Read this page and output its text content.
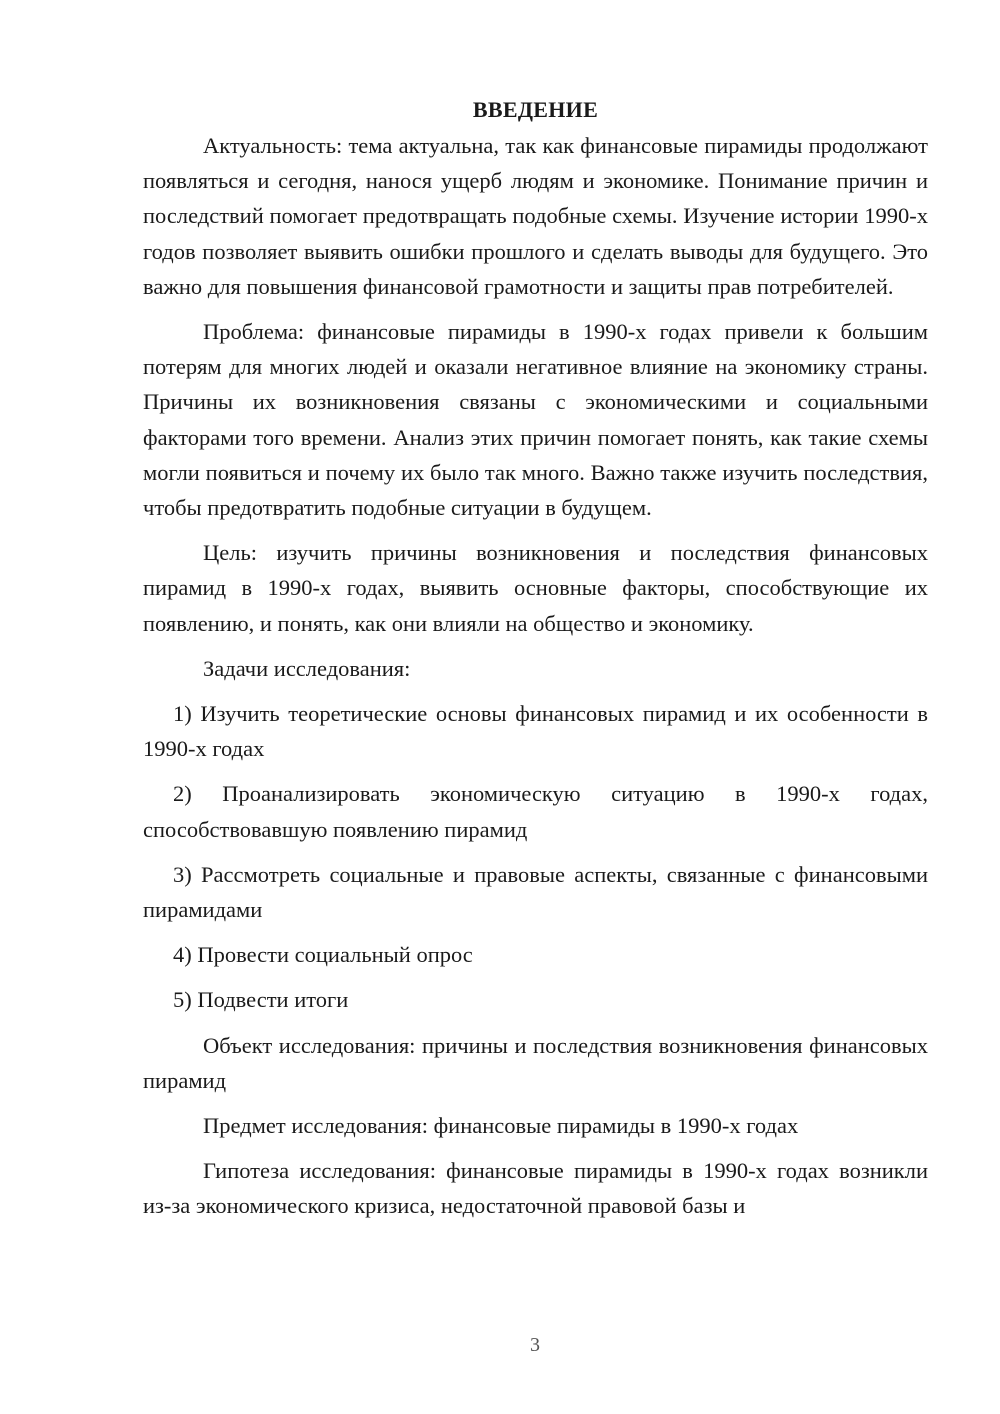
ВВЕДЕНИЕ

Актуальность: тема актуальна, так как финансовые пирамиды продолжают появляться и сегодня, нанося ущерб людям и экономике. Понимание причин и последствий помогает предотвращать подобные схемы. Изучение истории 1990-х годов позволяет выявить ошибки прошлого и сделать выводы для будущего. Это важно для повышения финансовой грамотности и защиты прав потребителей.

Проблема: финансовые пирамиды в 1990-х годах привели к большим потерям для многих людей и оказали негативное влияние на экономику страны. Причины их возникновения связаны с экономическими и социальными факторами того времени. Анализ этих причин помогает понять, как такие схемы могли появиться и почему их было так много. Важно также изучить последствия, чтобы предотвратить подобные ситуации в будущем.

Цель: изучить причины возникновения и последствия финансовых пирамид в 1990-х годах, выявить основные факторы, способствующие их появлению, и понять, как они влияли на общество и экономику.

Задачи исследования:

1) Изучить теоретические основы финансовых пирамид и их особенности в 1990-х годах

2) Проанализировать экономическую ситуацию в 1990-х годах, способствовавшую появлению пирамид

3) Рассмотреть социальные и правовые аспекты, связанные с финансовыми пирамидами

4) Провести социальный опрос

5) Подвести итоги

Объект исследования: причины и последствия возникновения финансовых пирамид

Предмет исследования: финансовые пирамиды в 1990-х годах

Гипотеза исследования: финансовые пирамиды в 1990-х годах возникли из-за экономического кризиса, недостаточной правовой базы и

3
